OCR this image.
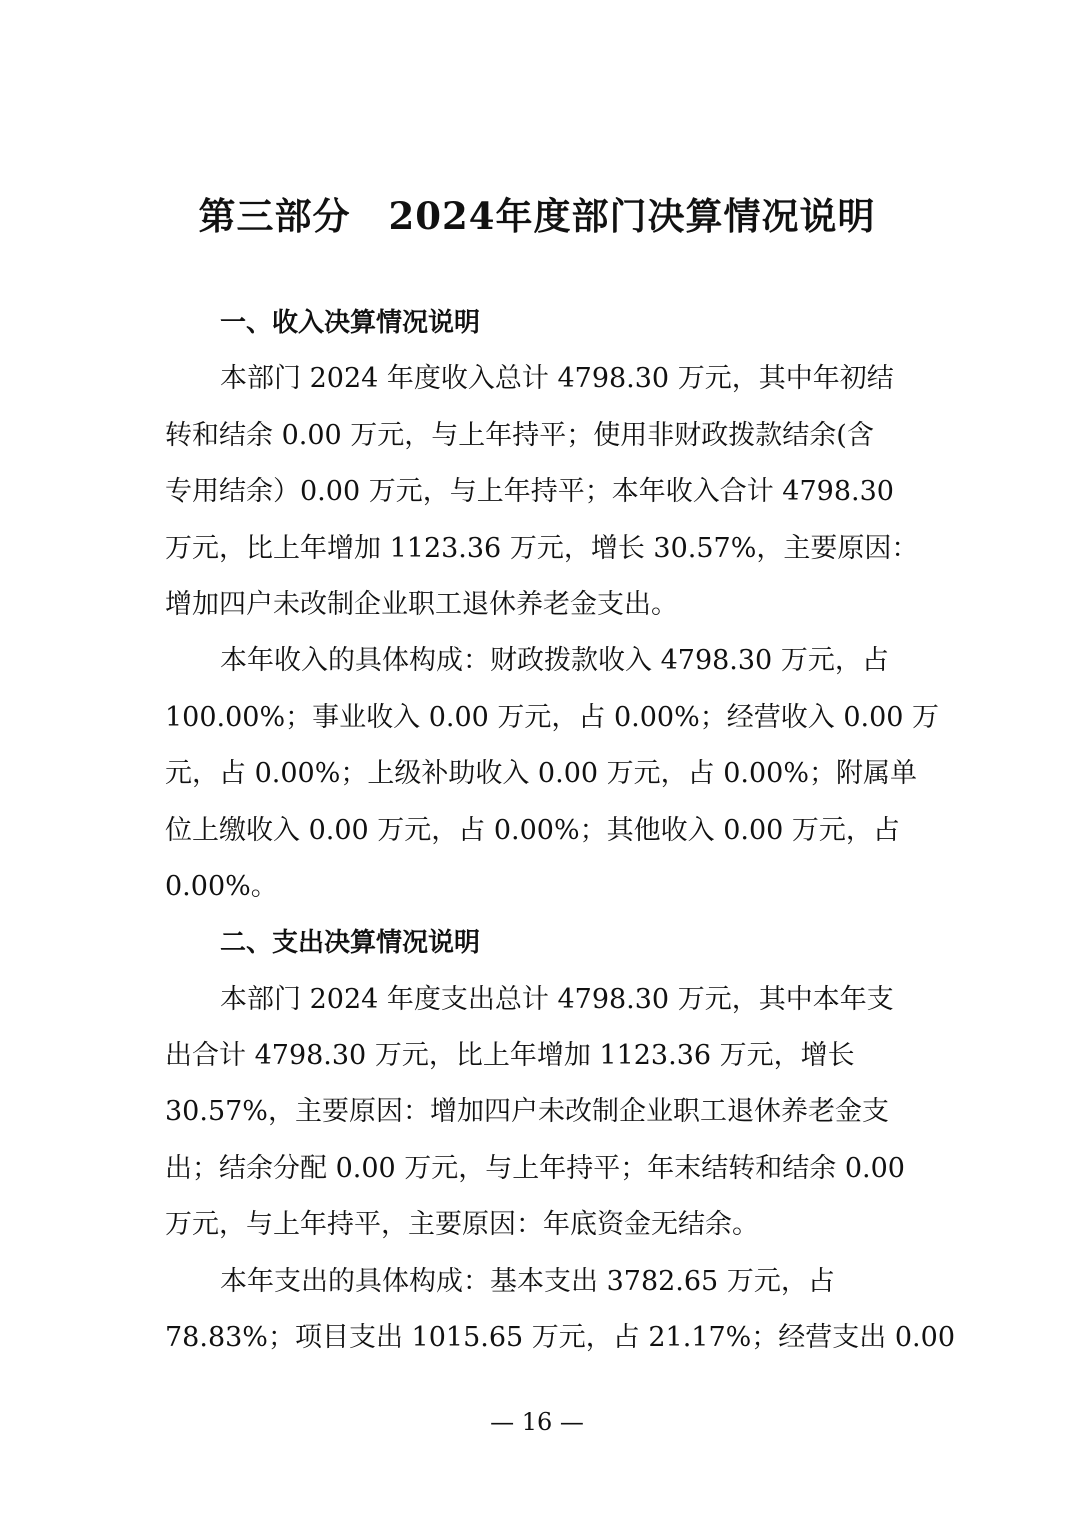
第三部分　2024年度部门决算情况说明
一、收入决算情况说明
本部门 2024 年度收入总计 4798.30 万元，其中年初结
转和结余 0.00 万元，与上年持平；使用非财政拨款结余(含
专用结余）0.00 万元，与上年持平；本年收入合计 4798.30
万元，比上年增加 1123.36 万元，增长 30.57%，主要原因：
增加四户未改制企业职工退休养老金支出。
本年收入的具体构成：财政拨款收入 4798.30 万元，占
100.00%；事业收入 0.00 万元，占 0.00%；经营收入 0.00 万
元，占 0.00%；上级补助收入 0.00 万元，占 0.00%；附属单
位上缴收入 0.00 万元，占 0.00%；其他收入 0.00 万元，占
0.00%。
二、支出决算情况说明
本部门 2024 年度支出总计 4798.30 万元，其中本年支
出合计 4798.30 万元，比上年增加 1123.36 万元，增长
30.57%，主要原因：增加四户未改制企业职工退休养老金支
出；结余分配 0.00 万元，与上年持平；年末结转和结余 0.00
万元，与上年持平，主要原因：年底资金无结余。
本年支出的具体构成：基本支出 3782.65 万元，占
78.83%；项目支出 1015.65 万元，占 21.17%；经营支出 0.00
— 16 —
